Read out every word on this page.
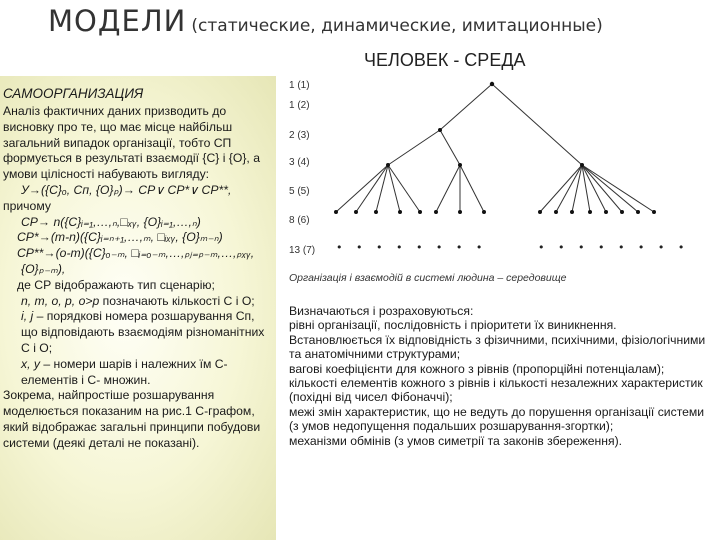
МОДЕЛИ (статические, динамические, имитационные)
ЧЕЛОВЕК - СРЕДА
САМООРГАНИЗАЦИЯ
Аналіз фактичних даних призводить до висновку про те, що має місце найбільш загальний випадок організації, тобто СП формується в результаті взаємодії {С} і {О}, а умови цілісності набувають вигляду:
У→({С}ₒ, Сп, {О}ₚ)→ СР∨ СР*∨ СР**,
причому
СР→ n({С}ᵢ₌₁,…,ₙ,□ₓᵧ, {О}ᵢ₌₁,…,ₙ)
СР*→(m-n)({С}ᵢ₌ₙ₊₁,…,ₘ, □ᵢₓᵧ, {О}ₘ₋ₙ)
СР**→(o-m)({С}ₒ₋ₘ, □ᵢ₌ₒ₋ₘ,…,ₚⱼ₌ₚ₋ₘ,…,ₚₓᵧ,
{О}ₚ₋ₘ),
де СР відображають тип сценарію;
n, m, o, p, o>p позначають кількості С і О;
i, j – порядкові номера розшарування Сп, що відповідають взаємодіям різноманітних С і О;
x, y – номери шарів і належних їм С-елементів і С- множин.
Зокрема, найпростіше розшарування моделюється показаним на рис.1 С-графом, який відображає загальні принципи побудови системи (деякі деталі не показані).
1 (1)
1 (2)
2 (3)
3 (4)
5 (5)
8 (6)
13 (7) • • • • • • • •	• • • • • • • •
Організація і взаємодій в системі людина – середовище
Визначаються і розраховуються:
рівні організації, послідовність і пріоритети їх виникнення.
Встановлюється їх відповідність з фізичними, психічними, фізіологічними та анатомічними структурами;
вагові коефіцієнти для кожного з рівнів (пропорційні потенціалам);
кількості елементів кожного з рівнів і кількості незалежних характеристик (похідні від чисел Фібоначчі);
межі змін характеристик, що не ведуть до порушення організації системи (з умов недопущення подальших розшарування-згортки);
механізми обмінів (з умов симетрії та законів збереження).
